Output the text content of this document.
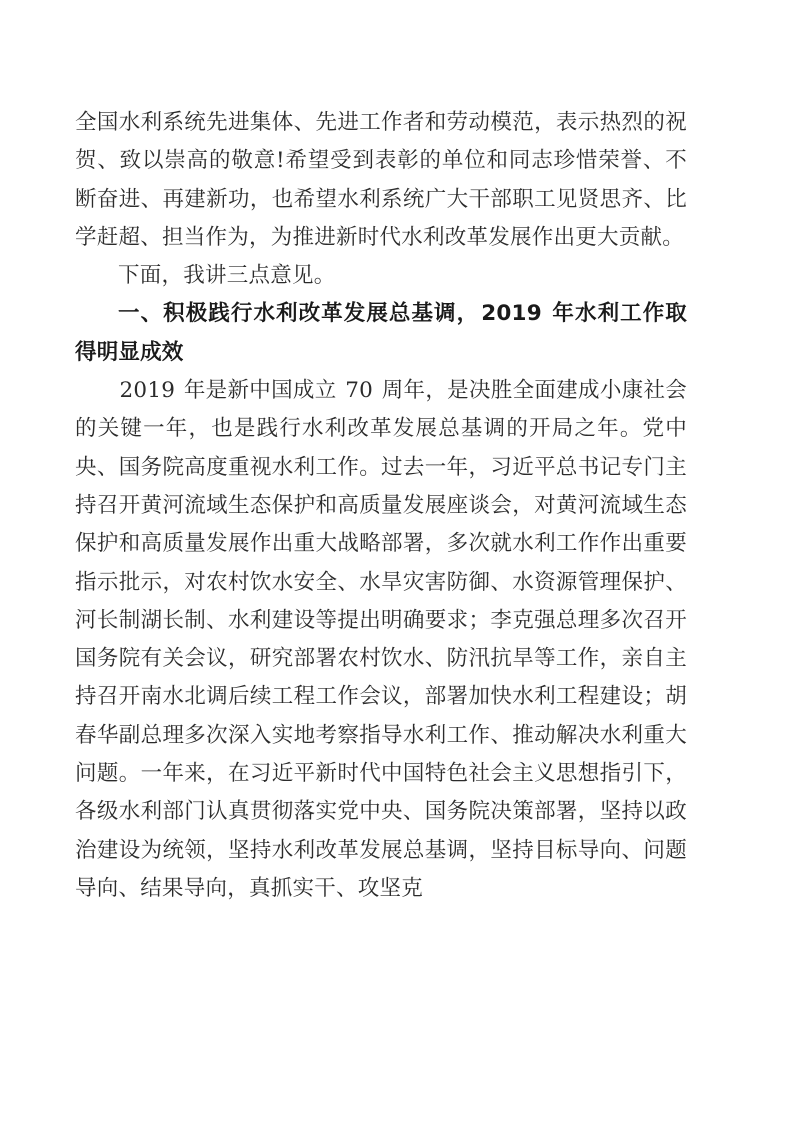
全国水利系统先进集体、先进工作者和劳动模范，表示热烈的祝贺、致以崇高的敬意!希望受到表彰的单位和同志珍惜荣誉、不断奋进、再建新功，也希望水利系统广大干部职工见贤思齐、比学赶超、担当作为，为推进新时代水利改革发展作出更大贡献。

下面，我讲三点意见。

一、积极践行水利改革发展总基调，2019 年水利工作取得明显成效

2019 年是新中国成立 70 周年，是决胜全面建成小康社会的关键一年，也是践行水利改革发展总基调的开局之年。党中央、国务院高度重视水利工作。过去一年，习近平总书记专门主持召开黄河流域生态保护和高质量发展座谈会，对黄河流域生态保护和高质量发展作出重大战略部署，多次就水利工作作出重要指示批示，对农村饮水安全、水旱灾害防御、水资源管理保护、河长制湖长制、水利建设等提出明确要求；李克强总理多次召开国务院有关会议，研究部署农村饮水、防汛抗旱等工作，亲自主持召开南水北调后续工程工作会议，部署加快水利工程建设；胡春华副总理多次深入实地考察指导水利工作、推动解决水利重大问题。一年来，在习近平新时代中国特色社会主义思想指引下，各级水利部门认真贯彻落实党中央、国务院决策部署，坚持以政治建设为统领，坚持水利改革发展总基调，坚持目标导向、问题导向、结果导向，真抓实干、攻坚克
